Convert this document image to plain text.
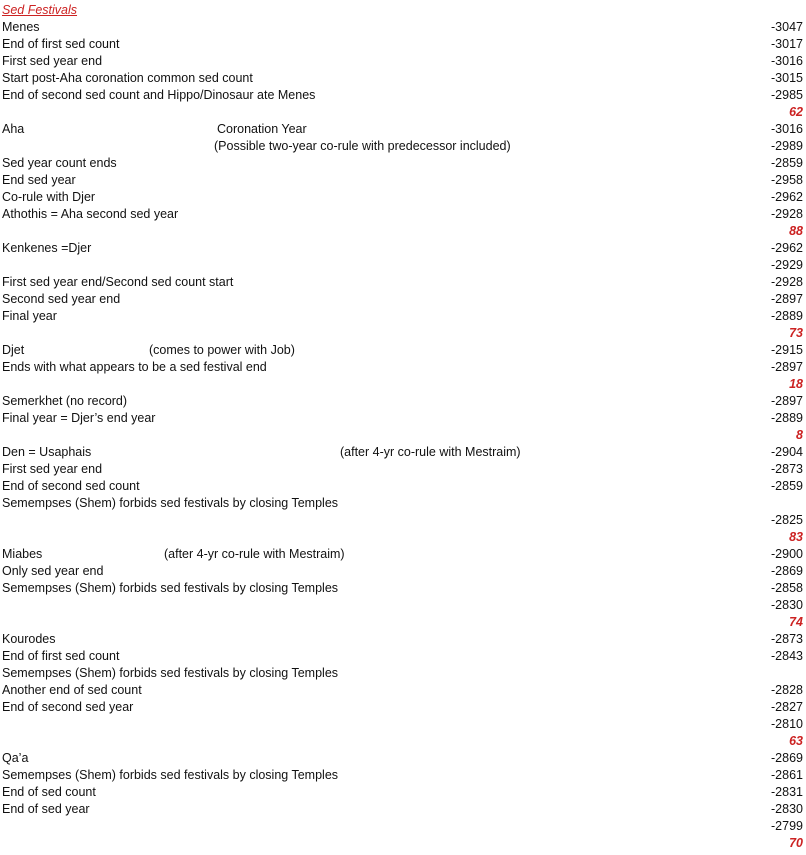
Sed Festivals
Menes	-3047
End of first sed count	-3017
First sed year end	-3016
Start post-Aha coronation common sed count	-3015
End of second sed count and Hippo/Dinosaur ate Menes	-2985
62
Aha	Coronation Year	-3016
(Possible two-year co-rule with predecessor included)	-2989
Sed year count ends	-2859
End sed year	-2958
Co-rule with Djer	-2962
Athothis = Aha second sed year	-2928
88
Kenkenes =Djer	-2962
-2929
First sed year end/Second sed count start	-2928
Second sed year end	-2897
Final year	-2889
73
Djet	(comes to power with Job)	-2915
Ends with what appears to be a sed festival end	-2897
18
Semerkhet (no record)	-2897
Final year = Djer’s end year	-2889
8
Den = Usaphais	(after 4-yr co-rule with Mestraim)	-2904
First sed year end	-2873
End of second sed count	-2859
Semempses (Shem) forbids sed festivals by closing Temples
-2825
83
Miabes	(after 4-yr co-rule with Mestraim)	-2900
Only sed year end	-2869
Semempses (Shem) forbids sed festivals by closing Temples	-2858
-2830
74
Kourodes	-2873
End of first sed count	-2843
Semempses (Shem) forbids sed festivals by closing Temples
Another end of sed count	-2828
End of second sed year	-2827
-2810
63
Qa’a	-2869
Semempses (Shem) forbids sed festivals by closing Temples	-2861
End of sed count	-2831
End of sed year	-2830
-2799
70
